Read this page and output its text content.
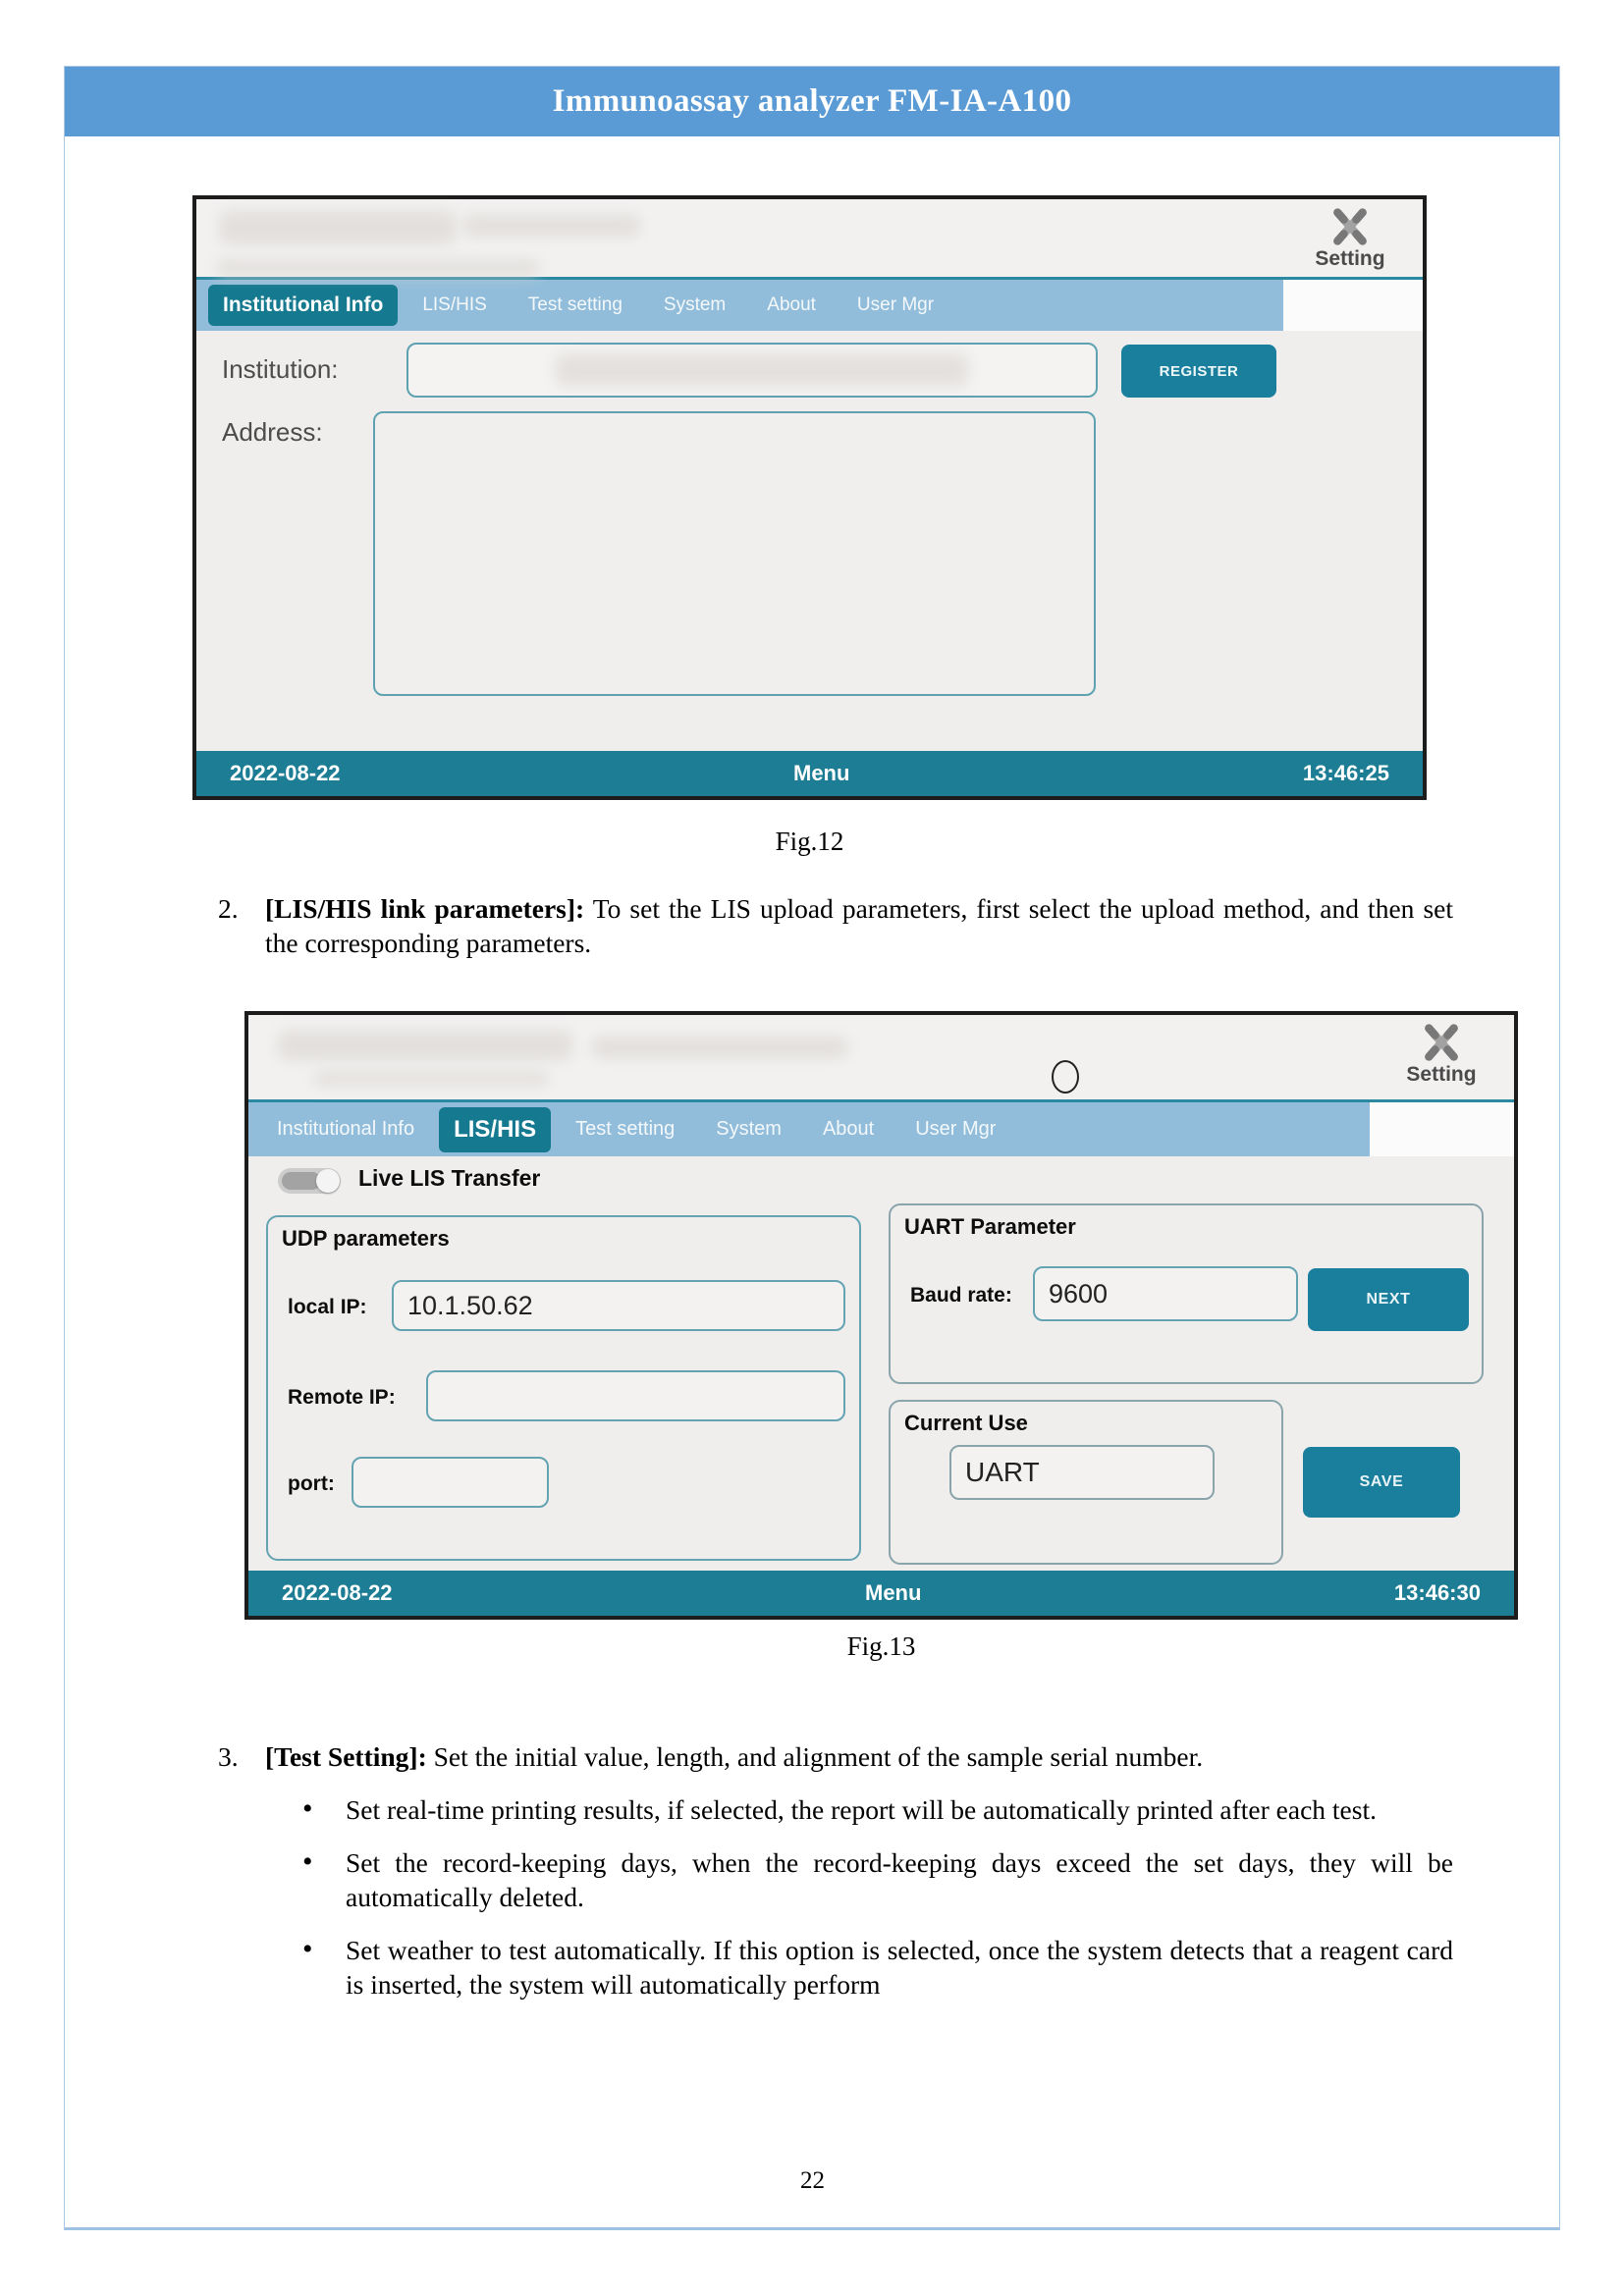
Immunoassay analyzer FM-IA-A100
Setting
Institutional Info	LIS/HIS	Test setting	System	About	User Mgr
Institution:	REGISTER
Address:
2022-08-22	Menu	13:46:25
Fig.12
2. [LIS/HIS link parameters]: To set the LIS upload parameters, first select the upload method, and then set the corresponding parameters.
Setting
Institutional Info	LIS/HIS	Test setting	System	About	User Mgr
Live LIS Transfer
UDP parameters
local IP:	10.1.50.62
Remote IP:
port:
UART Parameter
Baud rate:	9600	NEXT
Current Use
UART	SAVE
2022-08-22	Menu	13:46:30
Fig.13
3. [Test Setting]: Set the initial value, length, and alignment of the sample serial number.
• Set real-time printing results, if selected, the report will be automatically printed after each test.
• Set the record-keeping days, when the record-keeping days exceed the set days, they will be automatically deleted.
• Set weather to test automatically. If this option is selected, once the system detects that a reagent card is inserted, the system will automatically perform
22
